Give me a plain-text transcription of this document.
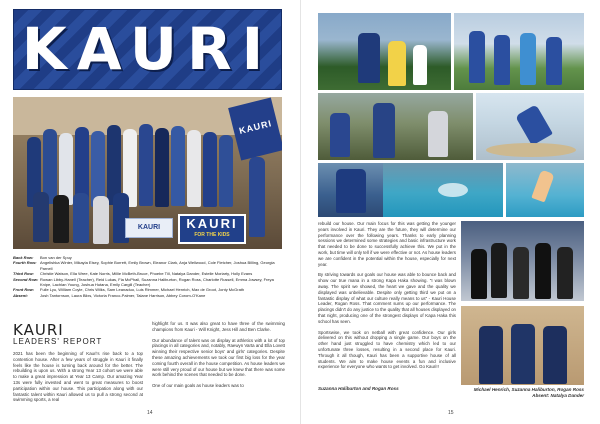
KAURI
KAURI
KAURI	KAURI
FOR THE KIDS
Back Row:	Bon van der Spuy
Fourth Row: Angelishka Winter, Mikayla Elsey, Sophie Borrett, Emily Brown, Eleanor Clark, Anja Wellwood, Cole Fletcher, Joshua Billing, Georgia Parnell
Third Row:	Christie Watson, Ella Wree, Kate Norris, Millie McBeth-Bruce, Phoebe Till, Natalya Dander, Estelle Moriarty, Holly Evans
Second Row: Rowan Libby-Hanell (Teacher), Reid Lukas, Fia McPhail, Suzanna Haliburton, Rogan Ross, Charlotte Russell, Emma Jowsey, Freya Knipe, Lachlan Young, Joshua Hutana, Emily Cargill (Teacher)
Front Row:	Fulle Lyu, William Coyle, Chris Wilks, Sam Leanaduo, Luis Rimmer, Michael Henrich, Max de Groot, Jonty McGrath
Absent:	Josh Tantornson, Laura Blixs, Victoria Franco-Palmer, Talane Harrison, Abbey Corom-O'Kane
KAURI
LEADERS' REPORT

2021 has been the beginning of Kauri's rise back to a top contention house. After a few years of struggle in Kauri it finally feels like the house is turning back around for the better. The rebuilding is upon us. With a strong Year 13 cohort we were able to make a great impression at Year 13 Camp. Our amazing Year 13s were fully invested and went to great measures to boost participation within our house. This participation along with our fantastic talent within Kauri allowed us to pull a strong second at swimming sports, a real

highlight for us. It was also great to have three of the swimming champions from Kauri - Will Knight, Jess Hill and Ben Clarke.

Our abundance of talent was on display at athletics with a lot of top placings in all categories and, notably, Raewyn Varta and Ella Lovett winning their respective senior boys' and girls' categories. Despite these amazing achievements we took our first big loss for the year coming fourth overall in the house competition. As house leaders we were still very proud of our house but we knew that there was some work behind the scenes that needed to be done.

One of our main goals as house leaders was to

14

rebuild our house. Our main focus for this was getting the younger years involved in Kauri. They are the future, they will determine our performance over the following years. Thanks to early planning sessions we determined some strategies and basic infrastructure work that needed to be done to successfully achieve this. We put in the work, but time will only tell if we were effective or not. As house leaders we are confident in the potential within the house, especially for next year.

By striving towards our goals our house was able to bounce back and show our true mana in a strong Kapa Haka showing. "I was blown away. The spirit we showed, the heart we gave and the quality we displayed was unbelievable. Despite only getting third we put on a fantastic display of what our culture really means to us" - Kauri House Leader, Rogan Ross. That comment sums up our performance. The placings didn't do any justice to the quality that all houses displayed on that night, producing one of the strongest displays of Kapa Haka this school has seen.

Sportswise, we took on netball with great confidence. Our girls delivered on this without dropping a single game. Our boys on the other hand just struggled to have chemistry which led to our unfortunate three losses, resulting in a second place for Kauri. Through it all though, Kauri has been a supportive house of all students. We aim to make house events a fun and inclusive experience for everyone who wants to get involved. Go Kauri!!

Suzanna Haliburton and Rogan Ross	Michael Henrich, Suzanna Haliburton, Rogan Ross
Absent: Natalya Dander
15
